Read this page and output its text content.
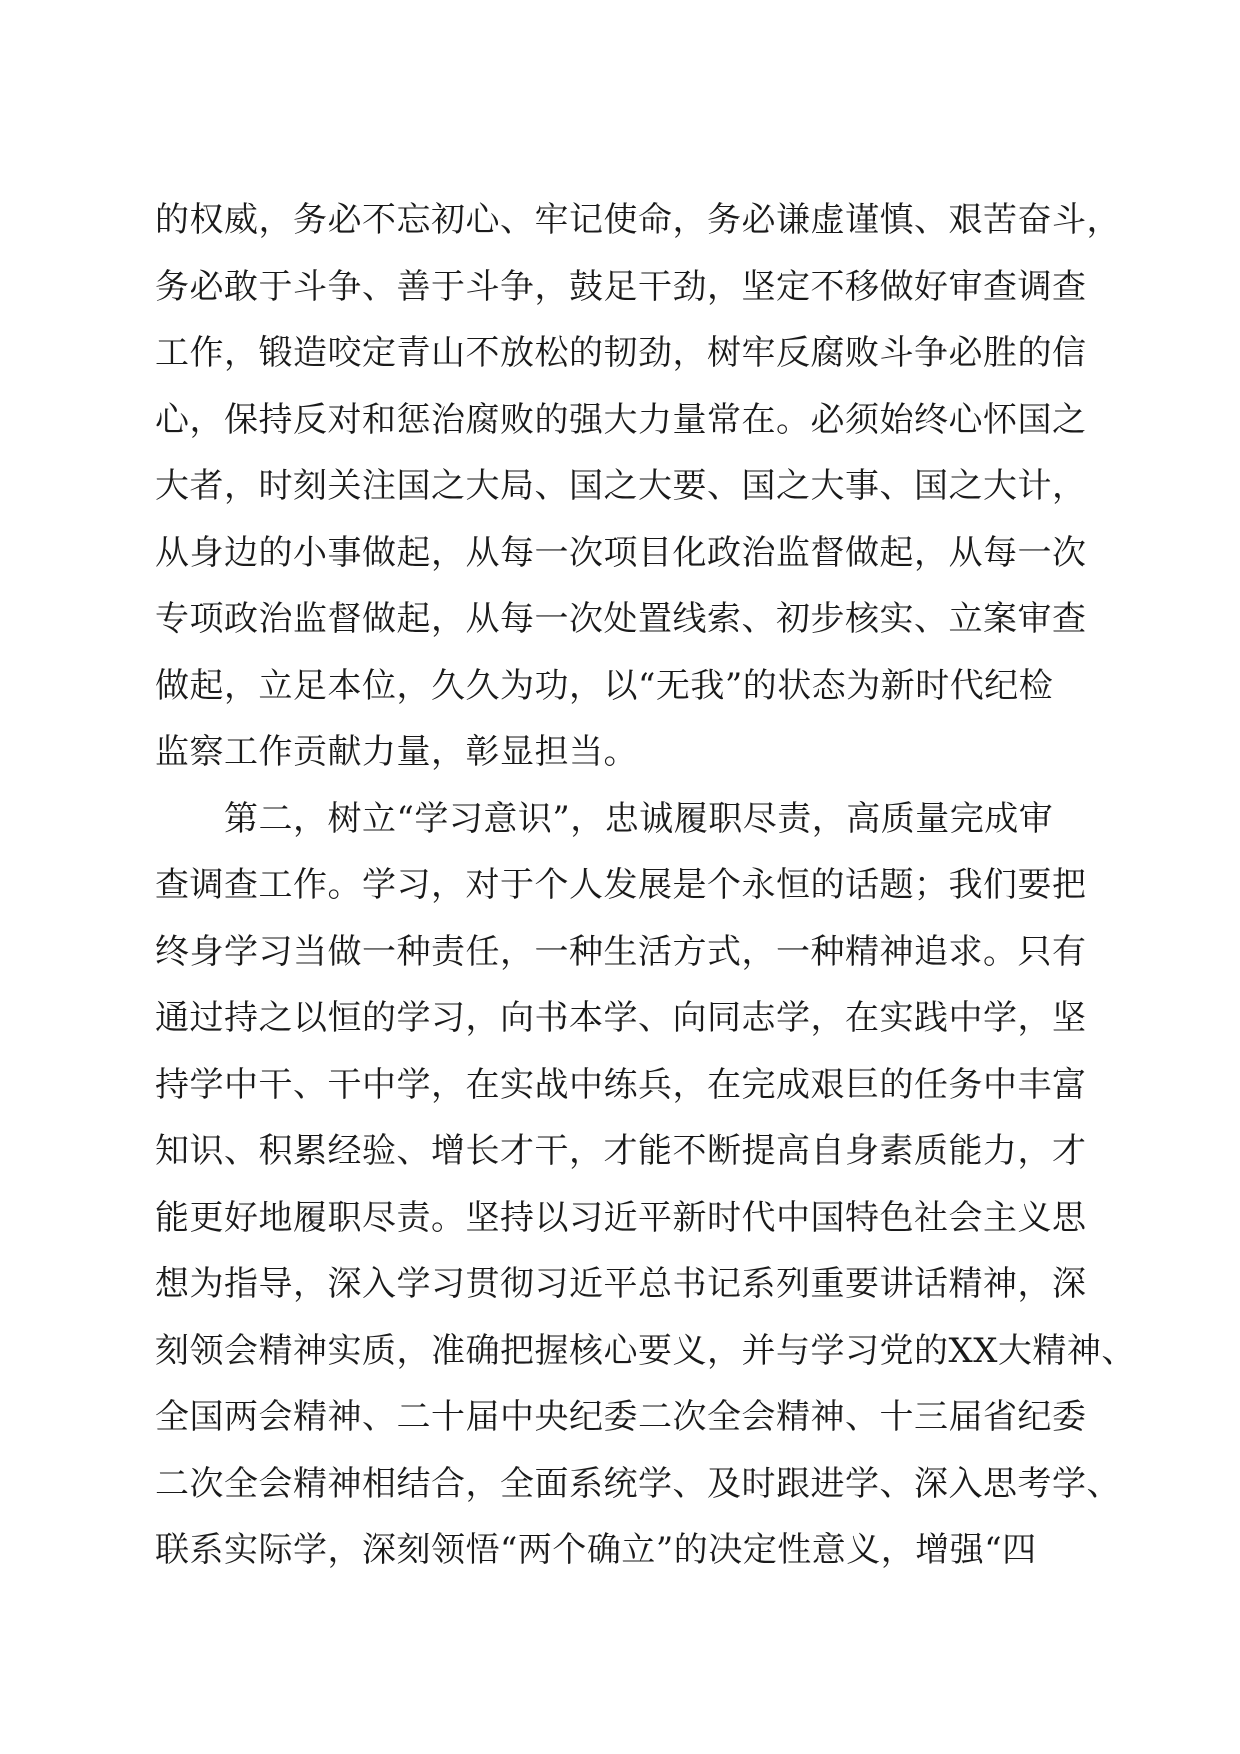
的权威，务必不忘初心、牢记使命，务必谦虚谨慎、艰苦奋斗，
务必敢于斗争、善于斗争，鼓足干劲，坚定不移做好审查调查
工作，锻造咬定青山不放松的韧劲，树牢反腐败斗争必胜的信
心，保持反对和惩治腐败的强大力量常在。必须始终心怀国之
大者，时刻关注国之大局、国之大要、国之大事、国之大计，
从身边的小事做起，从每一次项目化政治监督做起，从每一次
专项政治监督做起，从每一次处置线索、初步核实、立案审查
做起，立足本位，久久为功，以“无我”的状态为新时代纪检
监察工作贡献力量，彰显担当。
　　第二，树立“学习意识”，忠诚履职尽责，高质量完成审
查调查工作。学习，对于个人发展是个永恒的话题；我们要把
终身学习当做一种责任，一种生活方式，一种精神追求。只有
通过持之以恒的学习，向书本学、向同志学，在实践中学，坚
持学中干、干中学，在实战中练兵，在完成艰巨的任务中丰富
知识、积累经验、增长才干，才能不断提高自身素质能力，才
能更好地履职尽责。坚持以习近平新时代中国特色社会主义思
想为指导，深入学习贯彻习近平总书记系列重要讲话精神，深
刻领会精神实质，准确把握核心要义，并与学习党的XX大精神、
全国两会精神、二十届中央纪委二次全会精神、十三届省纪委
二次全会精神相结合，全面系统学、及时跟进学、深入思考学、
联系实际学，深刻领悟“两个确立”的决定性意义，增强“四
